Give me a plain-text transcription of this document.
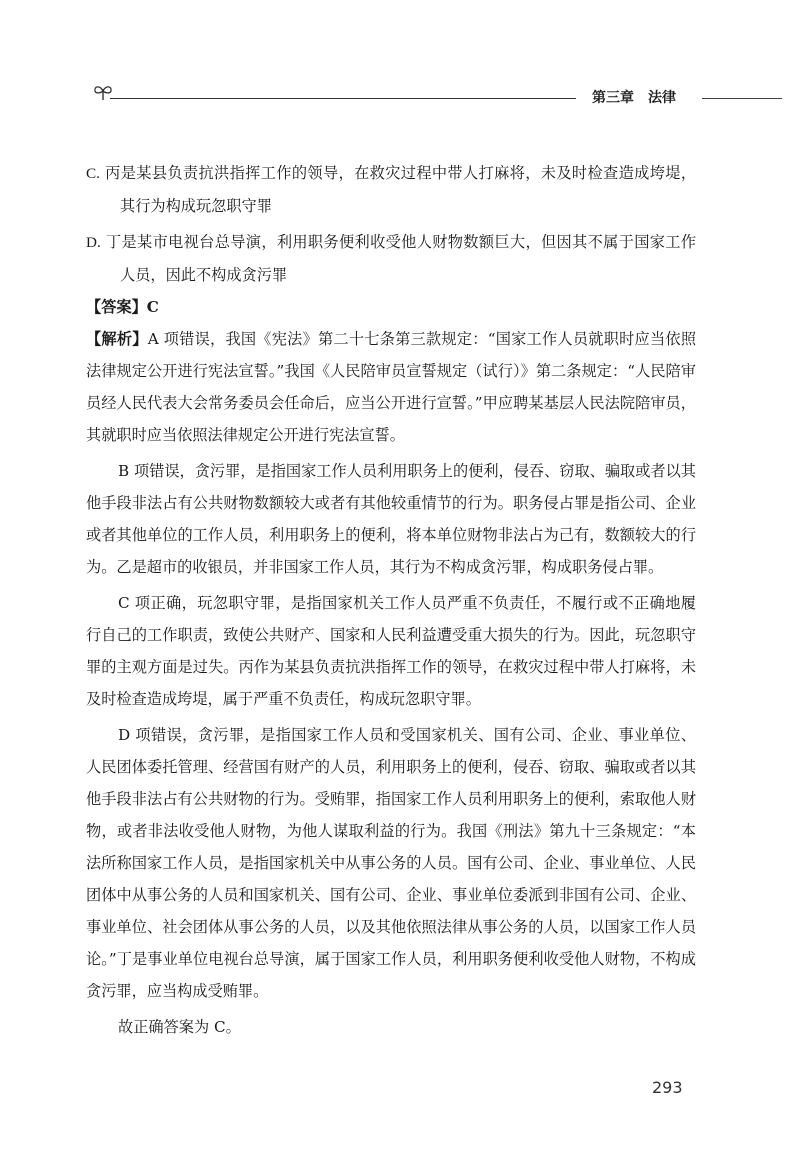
第三章 法律

C. 丙是某县负责抗洪指挥工作的领导，在救灾过程中带人打麻将，未及时检查造成垮堤，其行为构成玩忽职守罪

D. 丁是某市电视台总导演，利用职务便利收受他人财物数额巨大，但因其不属于国家工作人员，因此不构成贪污罪

【答案】C

【解析】A 项错误，我国《宪法》第二十七条第三款规定：“国家工作人员就职时应当依照法律规定公开进行宪法宣誓。”我国《人民陪审员宣誓规定（试行）》第二条规定：“人民陪审员经人民代表大会常务委员会任命后，应当公开进行宣誓。”甲应聘某基层人民法院陪审员，其就职时应当依照法律规定公开进行宪法宣誓。

B 项错误，贪污罪，是指国家工作人员利用职务上的便利，侵吞、窃取、骗取或者以其他手段非法占有公共财物数额较大或者有其他较重情节的行为。职务侵占罪是指公司、企业或者其他单位的工作人员，利用职务上的便利，将本单位财物非法占为己有，数额较大的行为。乙是超市的收银员，并非国家工作人员，其行为不构成贪污罪，构成职务侵占罪。

C 项正确，玩忽职守罪，是指国家机关工作人员严重不负责任，不履行或不正确地履行自己的工作职责，致使公共财产、国家和人民利益遭受重大损失的行为。因此，玩忽职守罪的主观方面是过失。丙作为某县负责抗洪指挥工作的领导，在救灾过程中带人打麻将，未及时检查造成垮堤，属于严重不负责任，构成玩忽职守罪。

D 项错误，贪污罪，是指国家工作人员和受国家机关、国有公司、企业、事业单位、人民团体委托管理、经营国有财产的人员，利用职务上的便利，侵吞、窃取、骗取或者以其他手段非法占有公共财物的行为。受贿罪，指国家工作人员利用职务上的便利，索取他人财物，或者非法收受他人财物，为他人谋取利益的行为。我国《刑法》第九十三条规定：“本法所称国家工作人员，是指国家机关中从事公务的人员。国有公司、企业、事业单位、人民团体中从事公务的人员和国家机关、国有公司、企业、事业单位委派到非国有公司、企业、事业单位、社会团体从事公务的人员，以及其他依照法律从事公务的人员，以国家工作人员论。”丁是事业单位电视台总导演，属于国家工作人员，利用职务便利收受他人财物，不构成贪污罪，应当构成受贿罪。

故正确答案为 C。

293
